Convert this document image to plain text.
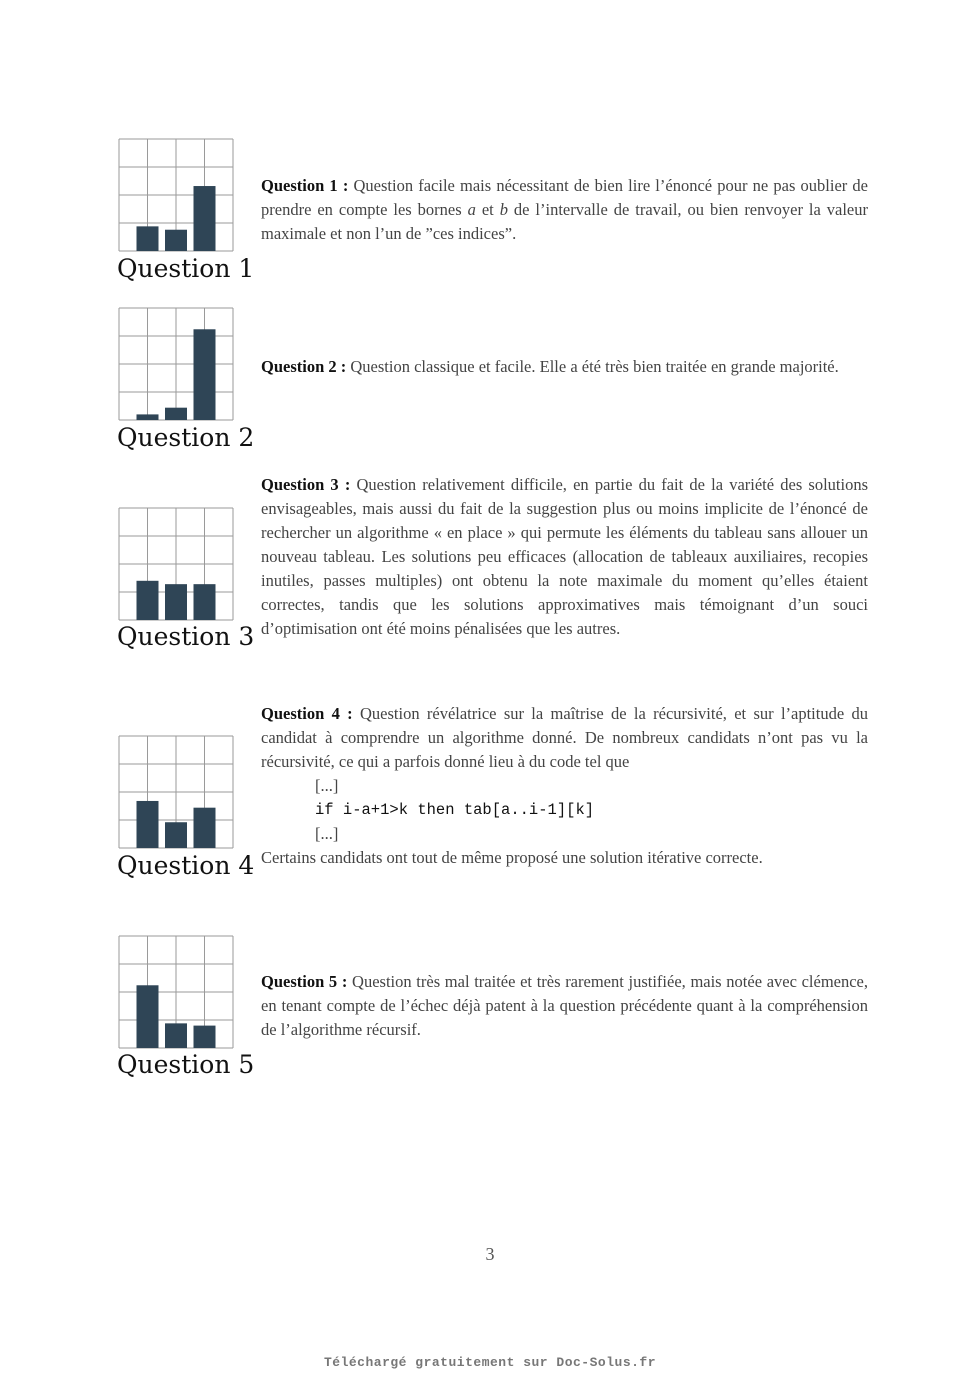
Question 1
Question 1 : Question facile mais nécessitant de bien lire l’énoncé pour ne pas oublier de prendre en compte les bornes a et b de l’intervalle de travail, ou bien renvoyer la valeur maximale et non l’un de ”ces indices”.
Question 2
Question 2 : Question classique et facile. Elle a été très bien traitée en grande majorité.
Question 3
Question 3 : Question relativement difficile, en partie du fait de la variété des solutions envisageables, mais aussi du fait de la suggestion plus ou moins implicite de l’énoncé de rechercher un algorithme « en place » qui permute les éléments du tableau sans allouer un nouveau tableau. Les solutions peu efficaces (allocation de tableaux auxiliaires, recopies inutiles, passes multiples) ont obtenu la note maximale du moment qu’elles étaient correctes, tandis que les solutions approximatives mais témoignant d’un souci d’optimisation ont été moins pénalisées que les autres.
Question 4
Question 4 : Question révélatrice sur la maîtrise de la récursivité, et sur l’aptitude du candidat à comprendre un algorithme donné. De nombreux candidats n’ont pas vu la récursivité, ce qui a parfois donné lieu à du code tel que
[...]
if i-a+1>k then tab[a..i-1][k]
[...]
Certains candidats ont tout de même proposé une solution itérative correcte.
Question 5
Question 5 : Question très mal traitée et très rarement justifiée, mais notée avec clémence, en tenant compte de l’échec déjà patent à la question précédente quant à la compréhension de l’algorithme récursif.
3
Téléchargé gratuitement sur Doc-Solus.fr
